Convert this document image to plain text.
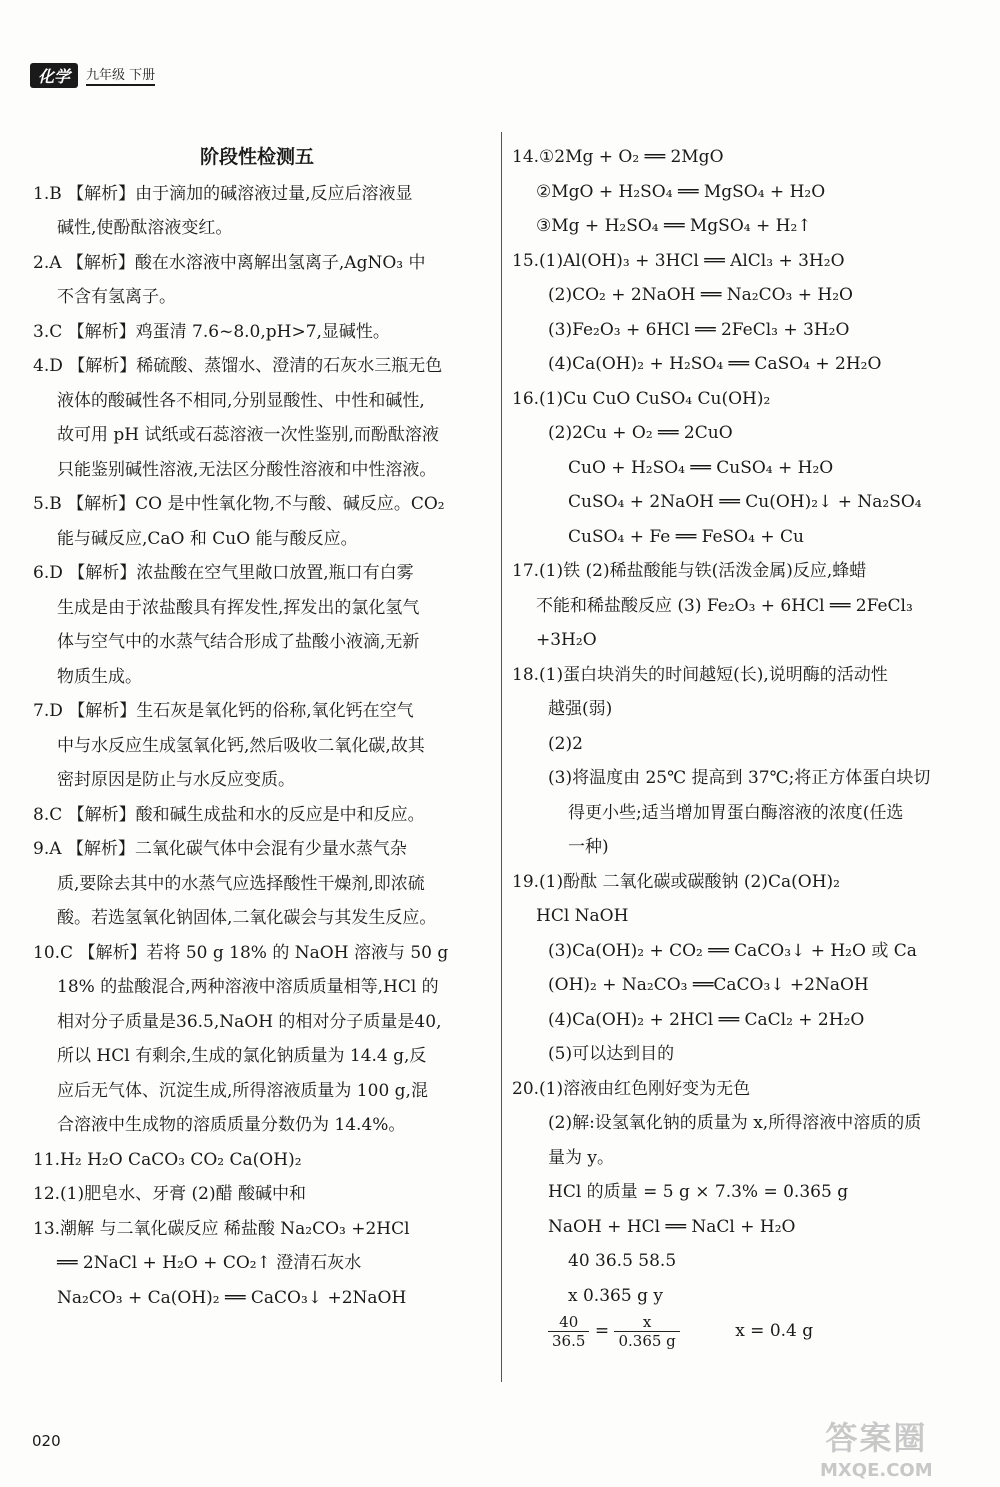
化学	九年级 下册
阶段性检测五
1.B 【解析】由于滴加的碱溶液过量,反应后溶液显
碱性,使酚酞溶液变红。
2.A 【解析】酸在水溶液中离解出氢离子,AgNO₃ 中
不含有氢离子。
3.C 【解析】鸡蛋清 7.6~8.0,pH>7,显碱性。
4.D 【解析】稀硫酸、蒸馏水、澄清的石灰水三瓶无色
液体的酸碱性各不相同,分别显酸性、中性和碱性,
故可用 pH 试纸或石蕊溶液一次性鉴别,而酚酞溶液
只能鉴别碱性溶液,无法区分酸性溶液和中性溶液。
5.B 【解析】CO 是中性氧化物,不与酸、碱反应。CO₂
能与碱反应,CaO 和 CuO 能与酸反应。
6.D 【解析】浓盐酸在空气里敞口放置,瓶口有白雾
生成是由于浓盐酸具有挥发性,挥发出的氯化氢气
体与空气中的水蒸气结合形成了盐酸小液滴,无新
物质生成。
7.D 【解析】生石灰是氧化钙的俗称,氧化钙在空气
中与水反应生成氢氧化钙,然后吸收二氧化碳,故其
密封原因是防止与水反应变质。
8.C 【解析】酸和碱生成盐和水的反应是中和反应。
9.A 【解析】二氧化碳气体中会混有少量水蒸气杂
质,要除去其中的水蒸气应选择酸性干燥剂,即浓硫
酸。若选氢氧化钠固体,二氧化碳会与其发生反应。
10.C 【解析】若将 50 g 18% 的 NaOH 溶液与 50 g
18% 的盐酸混合,两种溶液中溶质质量相等,HCl 的
相对分子质量是36.5,NaOH 的相对分子质量是40,
所以 HCl 有剩余,生成的氯化钠质量为 14.4 g,反
应后无气体、沉淀生成,所得溶液质量为 100 g,混
合溶液中生成物的溶质质量分数仍为 14.4%。
11.H₂ H₂O CaCO₃ CO₂ Ca(OH)₂
12.(1)肥皂水、牙膏 (2)醋 酸碱中和
13.潮解 与二氧化碳反应 稀盐酸 Na₂CO₃ +2HCl
══ 2NaCl + H₂O + CO₂↑ 澄清石灰水
Na₂CO₃ + Ca(OH)₂ ══ CaCO₃↓ +2NaOH
14.①2Mg + O₂ ══ 2MgO
②MgO + H₂SO₄ ══ MgSO₄ + H₂O
③Mg + H₂SO₄ ══ MgSO₄ + H₂↑
15.(1)Al(OH)₃ + 3HCl ══ AlCl₃ + 3H₂O
(2)CO₂ + 2NaOH ══ Na₂CO₃ + H₂O
(3)Fe₂O₃ + 6HCl ══ 2FeCl₃ + 3H₂O
(4)Ca(OH)₂ + H₂SO₄ ══ CaSO₄ + 2H₂O
16.(1)Cu CuO CuSO₄ Cu(OH)₂
(2)2Cu + O₂ ══ 2CuO
CuO + H₂SO₄ ══ CuSO₄ + H₂O
CuSO₄ + 2NaOH ══ Cu(OH)₂↓ + Na₂SO₄
CuSO₄ + Fe ══ FeSO₄ + Cu
17.(1)铁 (2)稀盐酸能与铁(活泼金属)反应,蜂蜡
不能和稀盐酸反应 (3) Fe₂O₃ + 6HCl ══ 2FeCl₃
+3H₂O
18.(1)蛋白块消失的时间越短(长),说明酶的活动性
越强(弱)
(2)2
(3)将温度由 25℃ 提高到 37℃;将正方体蛋白块切
得更小些;适当增加胃蛋白酶溶液的浓度(任选
一种)
19.(1)酚酞 二氧化碳或碳酸钠 (2)Ca(OH)₂
HCl NaOH
(3)Ca(OH)₂ + CO₂ ══ CaCO₃↓ + H₂O 或 Ca
(OH)₂ + Na₂CO₃ ══CaCO₃↓ +2NaOH
(4)Ca(OH)₂ + 2HCl ══ CaCl₂ + 2H₂O
(5)可以达到目的
20.(1)溶液由红色刚好变为无色
(2)解:设氢氧化钠的质量为 x,所得溶液中溶质的质
量为 y。
HCl 的质量 = 5 g × 7.3% = 0.365 g
NaOH + HCl ══ NaCl + H₂O
40 36.5 58.5
x 0.365 g y
$\frac{40}{36.5} = \frac{x}{0.365 g}$	x = 0.4 g
020	答案圈
MXQE.COM
